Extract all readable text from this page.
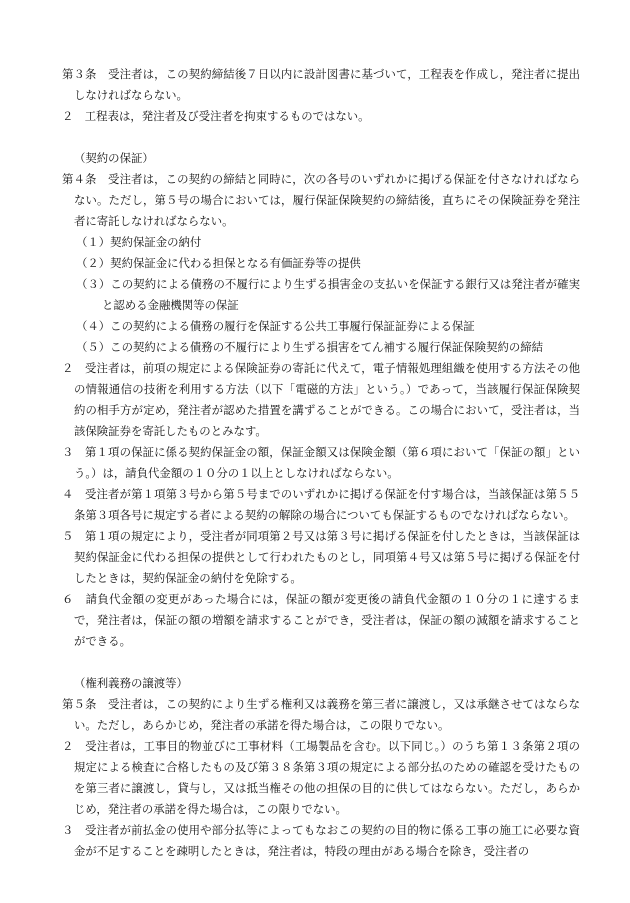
第３条　受注者は，この契約締結後７日以内に設計図書に基づいて，工程表を作成し，発注者に提出しなければならない。

２　工程表は，発注者及び受注者を拘束するものではない。

（契約の保証）

第４条　受注者は，この契約の締結と同時に，次の各号のいずれかに掲げる保証を付さなければならない。ただし，第５号の場合においては，履行保証保険契約の締結後，直ちにその保険証券を発注者に寄託しなければならない。

（１）契約保証金の納付

（２）契約保証金に代わる担保となる有価証券等の提供

（３）この契約による債務の不履行により生ずる損害金の支払いを保証する銀行又は発注者が確実と認める金融機関等の保証

（４）この契約による債務の履行を保証する公共工事履行保証証券による保証

（５）この契約による債務の不履行により生ずる損害をてん補する履行保証保険契約の締結

２　受注者は，前項の規定による保険証券の寄託に代えて，電子情報処理組織を使用する方法その他の情報通信の技術を利用する方法（以下「電磁的方法」という。）であって，当該履行保証保険契約の相手方が定め，発注者が認めた措置を講ずることができる。この場合において，受注者は，当該保険証券を寄託したものとみなす。

３　第１項の保証に係る契約保証金の額，保証金額又は保険金額（第６項において「保証の額」という。）は，請負代金額の１０分の１以上としなければならない。

４　受注者が第１項第３号から第５号までのいずれかに掲げる保証を付す場合は，当該保証は第５５条第３項各号に規定する者による契約の解除の場合についても保証するものでなければならない。

５　第１項の規定により，受注者が同項第２号又は第３号に掲げる保証を付したときは，当該保証は契約保証金に代わる担保の提供として行われたものとし，同項第４号又は第５号に掲げる保証を付したときは，契約保証金の納付を免除する。

６　請負代金額の変更があった場合には，保証の額が変更後の請負代金額の１０分の１に達するまで，発注者は，保証の額の増額を請求することができ，受注者は，保証の額の減額を請求することができる。

（権利義務の譲渡等）

第５条　受注者は，この契約により生ずる権利又は義務を第三者に譲渡し，又は承継させてはならない。ただし，あらかじめ，発注者の承諾を得た場合は，この限りでない。

２　受注者は，工事目的物並びに工事材料（工場製品を含む。以下同じ。）のうち第１３条第２項の規定による検査に合格したもの及び第３８条第３項の規定による部分払のための確認を受けたものを第三者に譲渡し，貸与し，又は抵当権その他の担保の目的に供してはならない。ただし，あらかじめ，発注者の承諾を得た場合は，この限りでない。

３　受注者が前払金の使用や部分払等によってもなおこの契約の目的物に係る工事の施工に必要な資金が不足することを疎明したときは，発注者は，特段の理由がある場合を除き，受注者の
